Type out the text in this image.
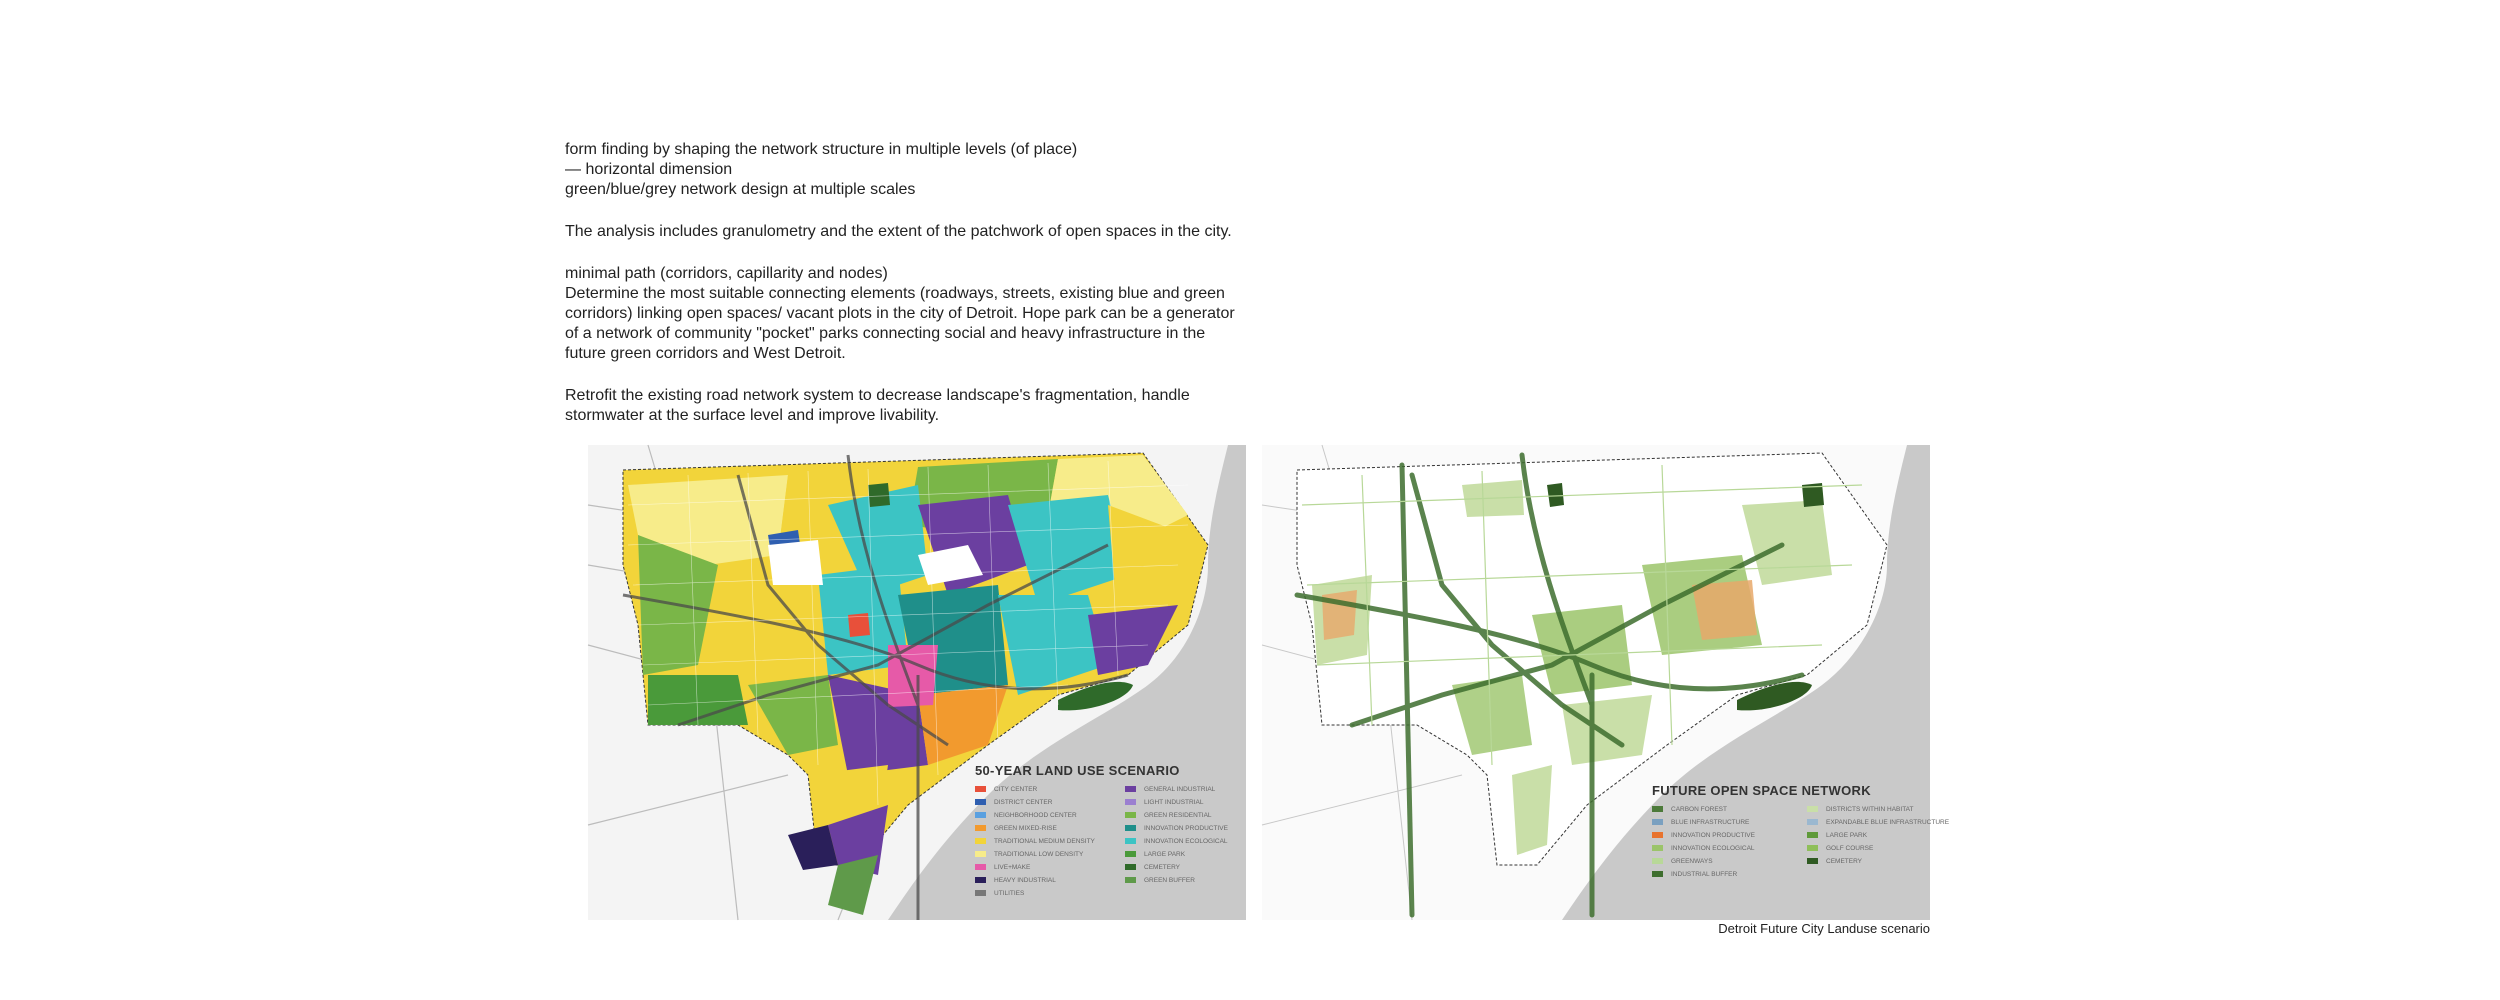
form finding by shaping the network structure in multiple levels (of place)

— horizontal dimension

green/blue/grey network design at multiple scales

The analysis includes granulometry and the extent of the patchwork of open spaces in the city.

minimal path (corridors, capillarity and nodes)

Determine the most suitable connecting elements (roadways, streets, existing blue and green

corridors) linking open spaces/ vacant plots in the city of Detroit. Hope park can be a generator

of a network of community "pocket" parks connecting social and heavy infrastructure in the

future green corridors and West Detroit.

Retrofit the existing road network system to decrease landscape's fragmentation, handle

stormwater at the surface level and improve livability.

50-YEAR LAND USE SCENARIO
CITY CENTER	GENERAL INDUSTRIAL
DISTRICT CENTER	LIGHT INDUSTRIAL
NEIGHBORHOOD CENTER	GREEN RESIDENTIAL
GREEN MIXED-RISE	INNOVATION PRODUCTIVE
TRADITIONAL MEDIUM DENSITY	INNOVATION ECOLOGICAL
TRADITIONAL LOW DENSITY	LARGE PARK
LIVE+MAKE	CEMETERY
HEAVY INDUSTRIAL	GREEN BUFFER
UTILITIES
FUTURE OPEN SPACE NETWORK
CARBON FOREST	DISTRICTS WITHIN HABITAT
BLUE INFRASTRUCTURE	EXPANDABLE BLUE INFRASTRUCTURE
INNOVATION PRODUCTIVE	LARGE PARK
INNOVATION ECOLOGICAL	GOLF COURSE
GREENWAYS	CEMETERY
INDUSTRIAL BUFFER
Detroit Future City Landuse scenario
